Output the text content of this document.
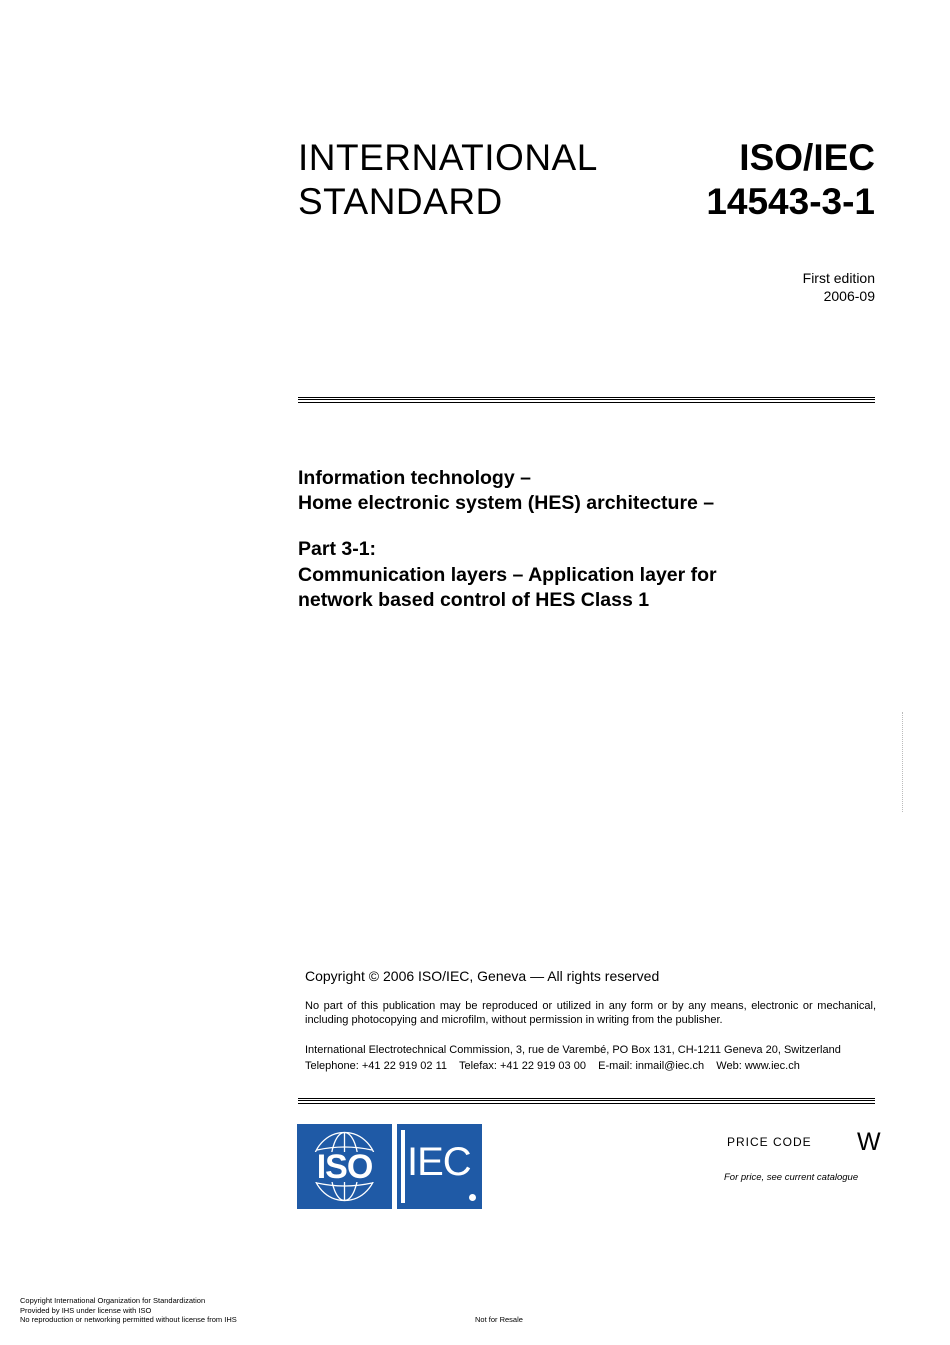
INTERNATIONAL
STANDARD
ISO/IEC
14543-3-1
First edition
2006-09
Information technology –
Home electronic system (HES) architecture –
Part 3-1:
Communication layers – Application layer for
network based control of HES Class 1
Copyright © 2006 ISO/IEC, Geneva — All rights reserved
No part of this publication may be reproduced or utilized in any form or by any means, electronic or mechanical, including photocopying and microfilm, without permission in writing from the publisher.
International Electrotechnical Commission, 3, rue de Varembé, PO Box 131, CH-1211 Geneva 20, Switzerland
Telephone: +41 22 919 02 11    Telefax: +41 22 919 03 00    E-mail: inmail@iec.ch    Web: www.iec.ch
ISO IEC	PRICE CODE W
For price, see current catalogue
Copyright International Organization for Standardization
Provided by IHS under license with ISO
No reproduction or networking permitted without license from IHS	Not for Resale
